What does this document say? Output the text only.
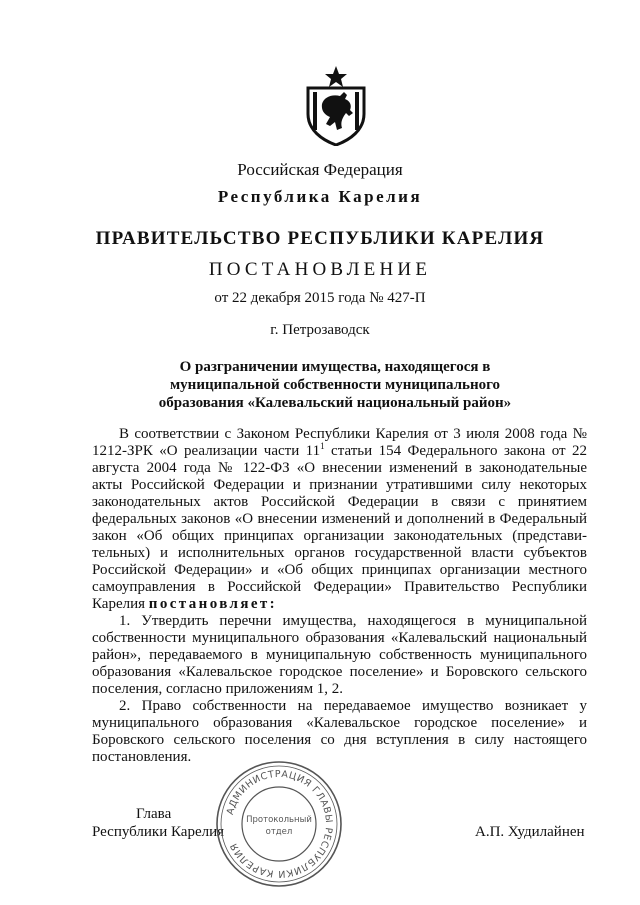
Российская Федерация
Республика Карелия
ПРАВИТЕЛЬСТВО РЕСПУБЛИКИ КАРЕЛИЯ
ПОСТАНОВЛЕНИЕ
от 22 декабря 2015 года № 427-П
г. Петрозаводск
О разграничении имущества, находящегося в
муниципальной собственности муниципального
образования «Калевальский национальный район»

В соответствии с Законом Республики Карелия от 3 июля 2008 года № 1212-ЗРК «О реализации части $11^1$ статьи 154 Федерального закона от 22 августа 2004 года № 122-ФЗ «О внесении изменений в законодательные акты Российской Федерации и признании утратившими силу некоторых законодательных актов Российской Федерации в связи с принятием федеральных законов «О внесении изменений и дополнений в Федеральный закон «Об общих принципах организации законодательных (представи-тельных) и исполнительных органов государственной власти субъектов Российской Федерации» и «Об общих принципах организации местного самоуправления в Российской Федерации» Правительство Республики Карелия постановляет:

1. Утвердить перечни имущества, находящегося в муниципальной собственности муниципального образования «Калевальский национальный район», передаваемого в муниципальную собственность муниципального образования «Калевальское городское поселение» и Боровского сельского поселения, согласно приложениям 1, 2.

2. Право собственности на передаваемое имущество возникает у муниципального образования «Калевальское городское поселение» и Боровского сельского поселения со дня вступления в силу настоящего постановления.

Глава
Республики Карелия	А.П. Худилайнен
АДМИНИСТРАЦИЯ ГЛАВЫ РЕСПУБЛИКИ КАРЕЛИЯ
Протокольный
отдел
